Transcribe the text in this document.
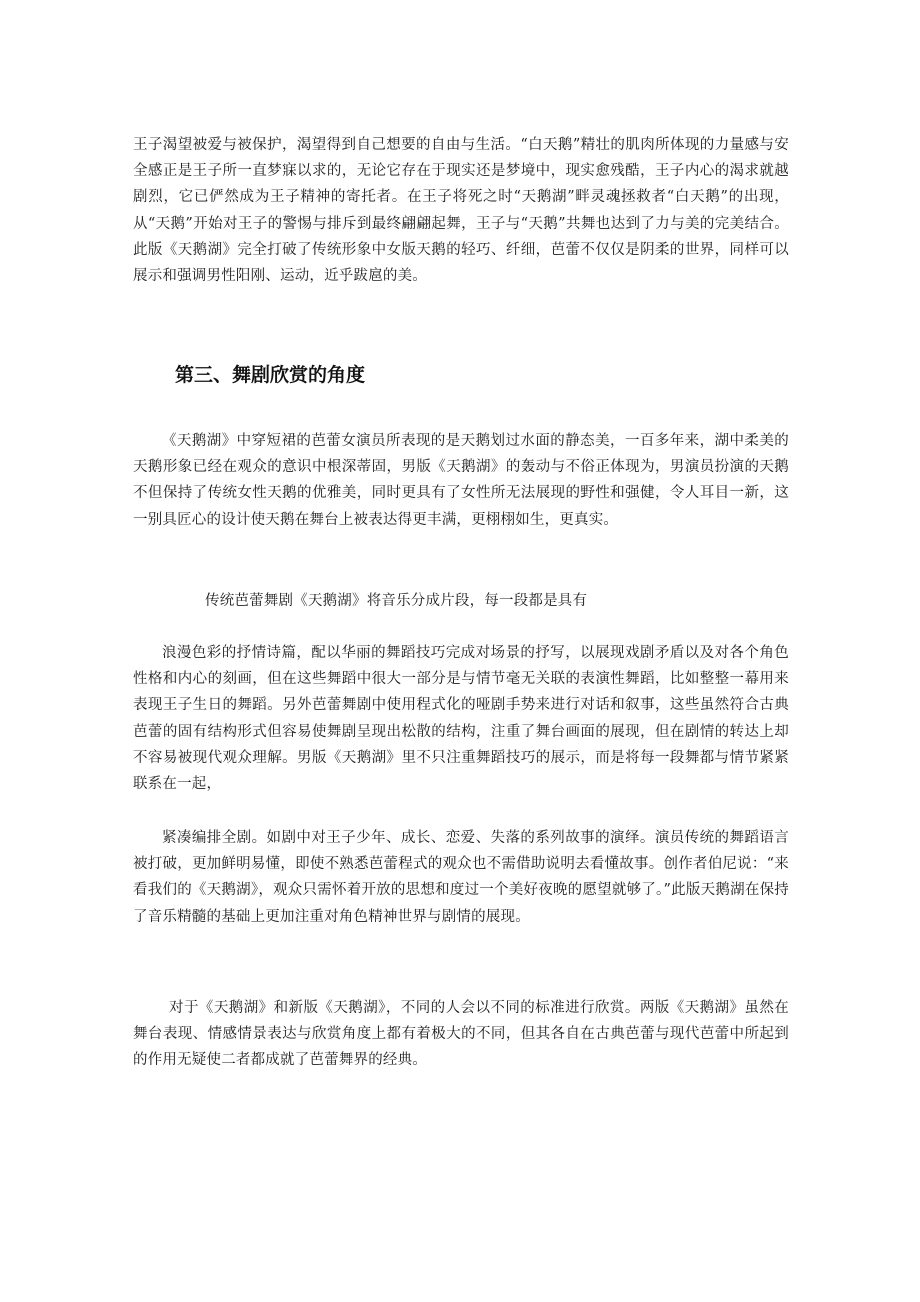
王子渴望被爱与被保护，渴望得到自己想要的自由与生活。“白天鹅”精壮的肌肉所体现的力量感与安全感正是王子所一直梦寐以求的，无论它存在于现实还是梦境中，现实愈残酷，王子内心的渴求就越剧烈，它已俨然成为王子精神的寄托者。在王子将死之时“天鹅湖”畔灵魂拯救者“白天鹅”的出现，从“天鹅”开始对王子的警惕与排斥到最终翩翩起舞，王子与“天鹅”共舞也达到了力与美的完美结合。此版《天鹅湖》完全打破了传统形象中女版天鹅的轻巧、纤细，芭蕾不仅仅是阴柔的世界，同样可以展示和强调男性阳刚、运动，近乎跋扈的美。

第三、舞剧欣赏的角度

《天鹅湖》中穿短裙的芭蕾女演员所表现的是天鹅划过水面的静态美，一百多年来，湖中柔美的天鹅形象已经在观众的意识中根深蒂固，男版《天鹅湖》的轰动与不俗正体现为，男演员扮演的天鹅不但保持了传统女性天鹅的优雅美，同时更具有了女性所无法展现的野性和强健，令人耳目一新，这一别具匠心的设计使天鹅在舞台上被表达得更丰满，更栩栩如生，更真实。

传统芭蕾舞剧《天鹅湖》将音乐分成片段，每一段都是具有

浪漫色彩的抒情诗篇，配以华丽的舞蹈技巧完成对场景的抒写，以展现戏剧矛盾以及对各个角色性格和内心的刻画，但在这些舞蹈中很大一部分是与情节毫无关联的表演性舞蹈，比如整整一幕用来表现王子生日的舞蹈。另外芭蕾舞剧中使用程式化的哑剧手势来进行对话和叙事，这些虽然符合古典芭蕾的固有结构形式但容易使舞剧呈现出松散的结构，注重了舞台画面的展现，但在剧情的转达上却不容易被现代观众理解。男版《天鹅湖》里不只注重舞蹈技巧的展示，而是将每一段舞都与情节紧紧联系在一起，

紧凑编排全剧。如剧中对王子少年、成长、恋爱、失落的系列故事的演绎。演员传统的舞蹈语言被打破，更加鲜明易懂，即使不熟悉芭蕾程式的观众也不需借助说明去看懂故事。创作者伯尼说：“来看我们的《天鹅湖》，观众只需怀着开放的思想和度过一个美好夜晚的愿望就够了。”此版天鹅湖在保持了音乐精髓的基础上更加注重对角色精神世界与剧情的展现。

对于《天鹅湖》和新版《天鹅湖》，不同的人会以不同的标准进行欣赏。两版《天鹅湖》虽然在舞台表现、情感情景表达与欣赏角度上都有着极大的不同，但其各自在古典芭蕾与现代芭蕾中所起到的作用无疑使二者都成就了芭蕾舞界的经典。
